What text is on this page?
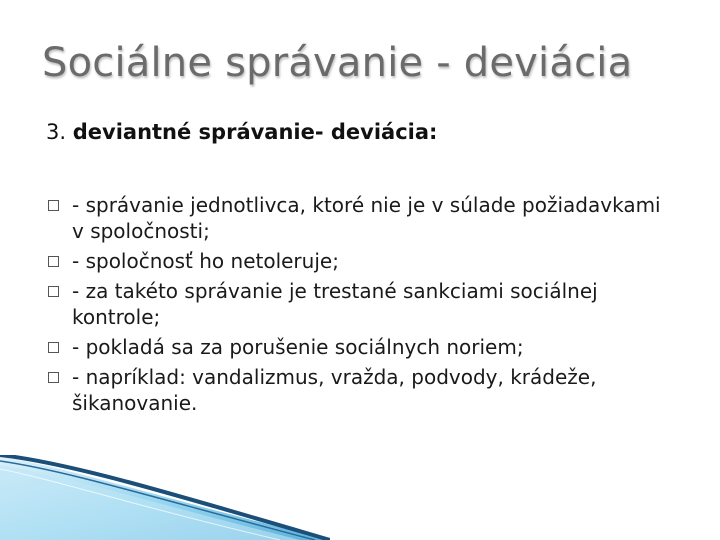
Sociálne správanie - deviácia
3. deviantné správanie- deviácia:
- správanie jednotlivca, ktoré nie je v súlade požiadavkami v spoločnosti;
- spoločnosť ho netoleruje;
- za takéto správanie je trestané sankciami sociálnej kontrole;
- pokladá sa za porušenie sociálnych noriem;
- napríklad: vandalizmus, vražda, podvody, krádeže, šikanovanie.
